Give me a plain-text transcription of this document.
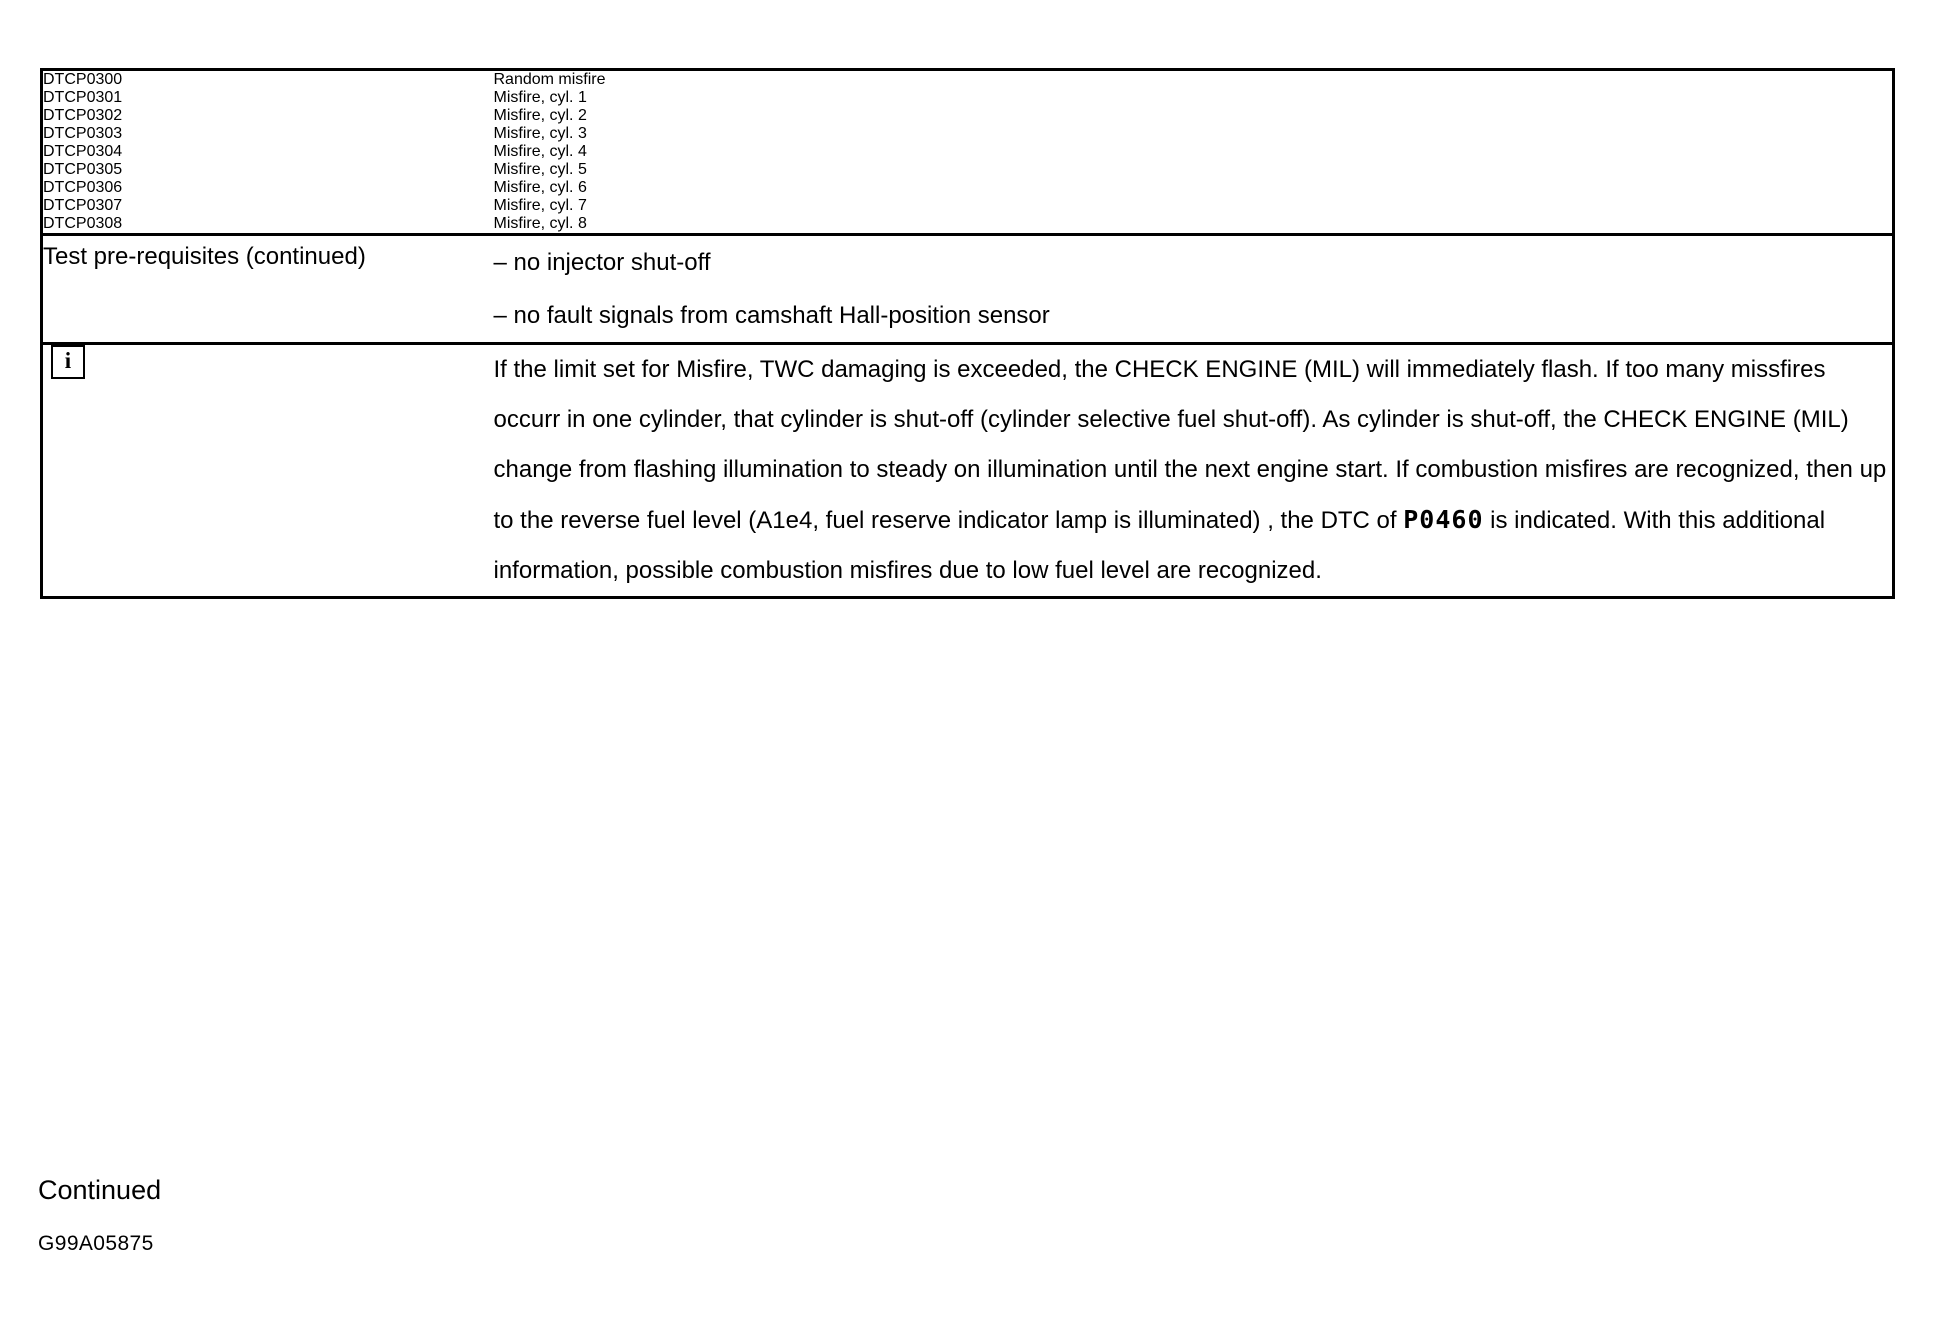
DTCP0300	Random misfire

DTCP0301	Misfire, cyl. 1

DTCP0302	Misfire, cyl. 2

DTCP0303	Misfire, cyl. 3

DTCP0304	Misfire, cyl. 4

DTCP0305	Misfire, cyl. 5

DTCP0306	Misfire, cyl. 6

DTCP0307	Misfire, cyl. 7

DTCP0308	Misfire, cyl. 8

Test pre-requisites (continued)	– no injector shut-off
– no fault signals from camshaft Hall-position sensor

i	If the limit set for Misfire, TWC damaging is exceeded, the CHECK ENGINE (MIL) will immediately flash. If too many missfires occurr in one cylinder, that cylinder is shut-off (cylinder selective fuel shut-off). As cylinder is shut-off, the CHECK ENGINE (MIL) change from flashing illumination to steady on illumination until the next engine start. If combustion misfires are recognized, then up to the reverse fuel level (A1e4, fuel reserve indicator lamp is illuminated) , the DTC of P0460 is indicated. With this additional information, possible combustion misfires due to low fuel level are recognized.
Continued
G99A05875
